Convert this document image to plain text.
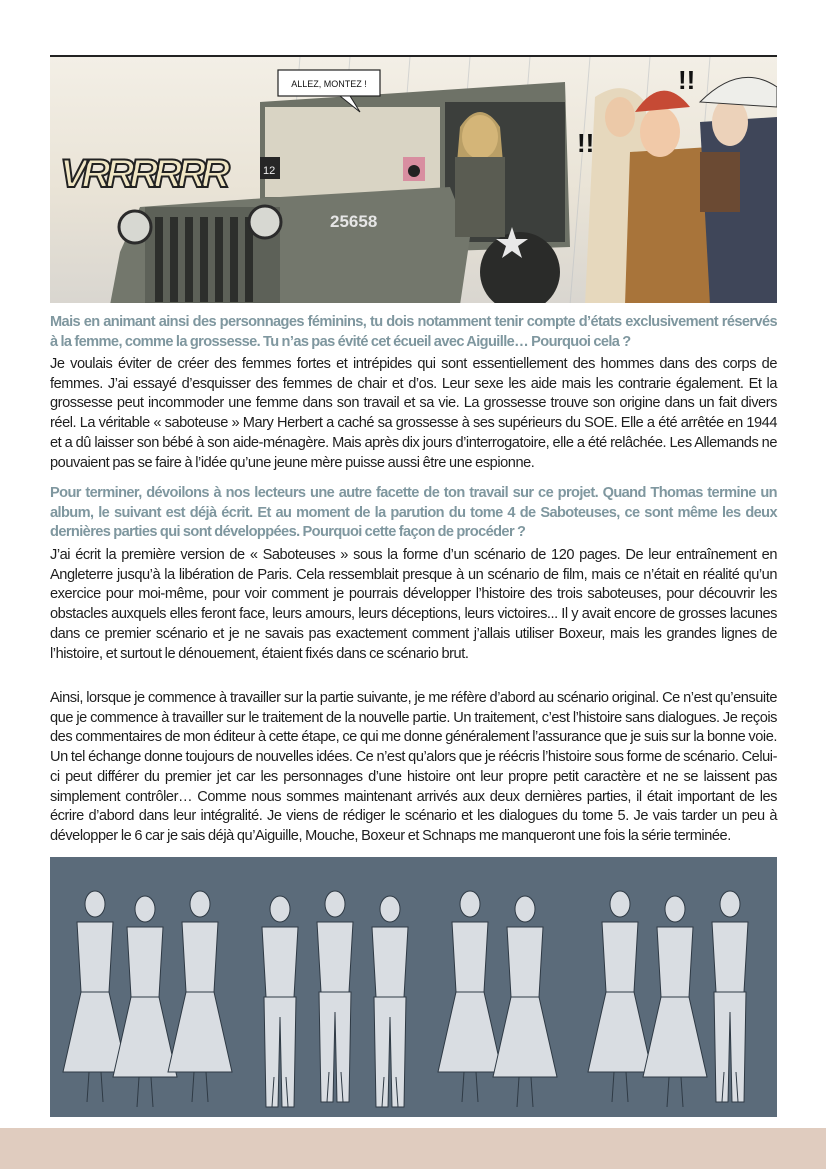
25658
12
ALLEZ, MONTEZ !
VRRRRRR
!!
!!

Mais en animant ainsi des personnages féminins, tu dois notamment tenir compte d’états exclusivement réservés à la femme, comme la grossesse. Tu n’as pas évité cet écueil avec Aiguille… Pourquoi cela ?

Je voulais éviter de créer des femmes fortes et intrépides qui sont essentiellement des hommes dans des corps de femmes. J’ai essayé d’esquisser des femmes de chair et d’os. Leur sexe les aide mais les contrarie également. Et la grossesse peut incommoder une femme dans son travail et sa vie. La grossesse trouve son origine dans un fait divers réel. La véritable « saboteuse » Mary Herbert a caché sa grossesse à ses supérieurs du SOE. Elle a été arrêtée en 1944 et a dû laisser son bébé à son aide-ménagère. Mais après dix jours d’interrogatoire, elle a été relâchée. Les Allemands ne pouvaient pas se faire à l’idée qu’une jeune mère puisse aussi être une espionne.

Pour terminer, dévoilons à nos lecteurs une autre facette de ton travail sur ce projet. Quand Thomas termine un album, le suivant est déjà écrit. Et au moment de la parution du tome 4 de Saboteuses, ce sont même les deux dernières parties qui sont développées. Pourquoi cette façon de procéder ?

J’ai écrit la première version de « Saboteuses » sous la forme d’un scénario de 120 pages. De leur entraînement en Angleterre jusqu’à la libération de Paris. Cela ressemblait presque à un scénario de film, mais ce n’était en réalité qu’un exercice pour moi-même, pour voir comment je pourrais développer l’histoire des trois saboteuses, pour découvrir les obstacles auxquels elles feront face, leurs amours, leurs déceptions, leurs victoires... Il y avait encore de grosses lacunes dans ce premier scénario et je ne savais pas exactement comment j’allais utiliser Boxeur, mais les grandes lignes de l’histoire, et surtout le dénouement, étaient fixés dans ce scénario brut.

Ainsi, lorsque je commence à travailler sur la partie suivante, je me réfère d’abord au scénario original. Ce n’est qu’ensuite que je commence à travailler sur le traitement de la nouvelle partie. Un traitement, c’est l’histoire sans dialogues. Je reçois des commentaires de mon éditeur à cette étape, ce qui me donne généralement l’assurance que je suis sur la bonne voie. Un tel échange donne toujours de nouvelles idées. Ce n’est qu’alors que je réécris l’histoire sous forme de scénario. Celui-ci peut différer du premier jet car les personnages d’une histoire ont leur propre petit caractère et ne se laissent pas simplement contrôler… Comme nous sommes maintenant arrivés aux deux dernières parties, il était important de les écrire d’abord dans leur intégralité. Je viens de rédiger le scénario et les dialogues du tome 5. Je vais tarder un peu à développer le 6 car je sais déjà qu’Aiguille, Mouche, Boxeur et Schnaps me manqueront une fois la série terminée.
